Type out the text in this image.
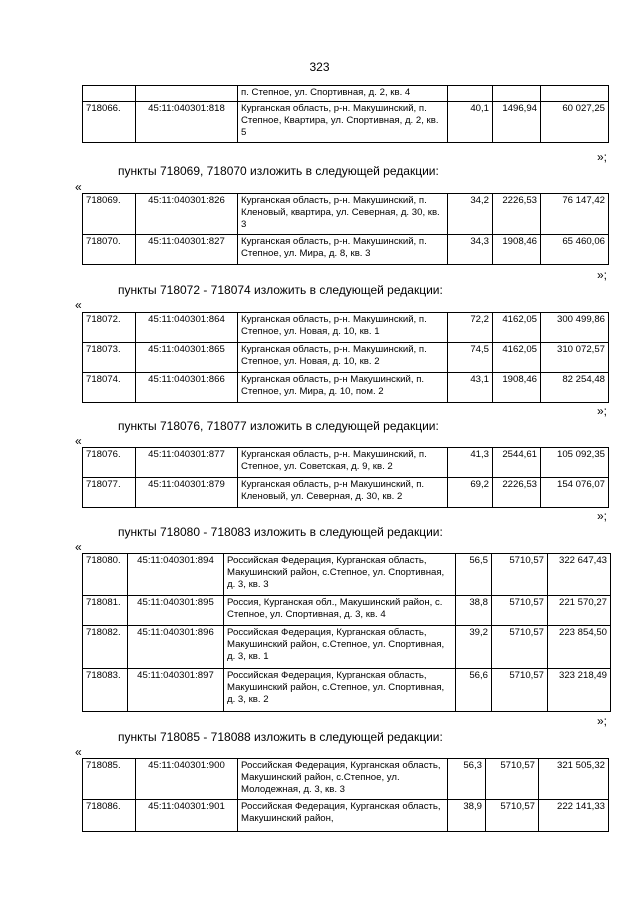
323
		п. Степное, ул. Спортивная, д. 2, кв. 4			
718066.	45:11:040301:818	Курганская область, р-н. Макушинский, п. Степное, Квартира, ул. Спортивная, д. 2, кв. 5	40,1	1496,94	60 027,25
»;
пункты 718069, 718070 изложить в следующей редакции:
«
718069.	45:11:040301:826	Курганская область, р-н. Макушинский, п. Кленовый, квартира, ул. Северная, д. 30, кв. 3	34,2	2226,53	76 147,42
718070.	45:11:040301:827	Курганская область, р-н. Макушинский, п. Степное, ул. Мира, д. 8, кв. 3	34,3	1908,46	65 460,06
»;
пункты 718072 - 718074 изложить в следующей редакции:
«
718072.	45:11:040301:864	Курганская область, р-н. Макушинский, п. Степное, ул. Новая, д. 10, кв. 1	72,2	4162,05	300 499,86
718073.	45:11:040301:865	Курганская область, р-н. Макушинский, п. Степное, ул. Новая, д. 10, кв. 2	74,5	4162,05	310 072,57
718074.	45:11:040301:866	Курганская область, р-н Макушинский, п. Степное, ул. Мира, д. 10, пом. 2	43,1	1908,46	82 254,48
»;
пункты 718076, 718077 изложить в следующей редакции:
«
718076.	45:11:040301:877	Курганская область, р-н. Макушинский, п. Степное, ул. Советская, д. 9, кв. 2	41,3	2544,61	105 092,35
718077.	45:11:040301:879	Курганская область, р-н Макушинский, п. Кленовый, ул. Северная, д. 30, кв. 2	69,2	2226,53	154 076,07
»;
пункты 718080 - 718083 изложить в следующей редакции:
«
718080.	45:11:040301:894	Российская Федерация, Курганская область, Макушинский район, с.Степное, ул. Спортивная, д. 3, кв. 3	56,5	5710,57	322 647,43
718081.	45:11:040301:895	Россия, Курганская обл., Макушинский район, с. Степное, ул. Спортивная, д. 3, кв. 4	38,8	5710,57	221 570,27
718082.	45:11:040301:896	Российская Федерация, Курганская область, Макушинский район, с.Степное, ул. Спортивная, д. 3, кв. 1	39,2	5710,57	223 854,50
718083.	45:11:040301:897	Российская Федерация, Курганская область, Макушинский район, с.Степное, ул. Спортивная, д. 3, кв. 2	56,6	5710,57	323 218,49
»;
пункты 718085 - 718088 изложить в следующей редакции:
«
718085.	45:11:040301:900	Российская Федерация, Курганская область, Макушинский район, с.Степное, ул. Молодежная, д. 3, кв. 3	56,3	5710,57	321 505,32
718086.	45:11:040301:901	Российская Федерация, Курганская область, Макушинский район,	38,9	5710,57	222 141,33
